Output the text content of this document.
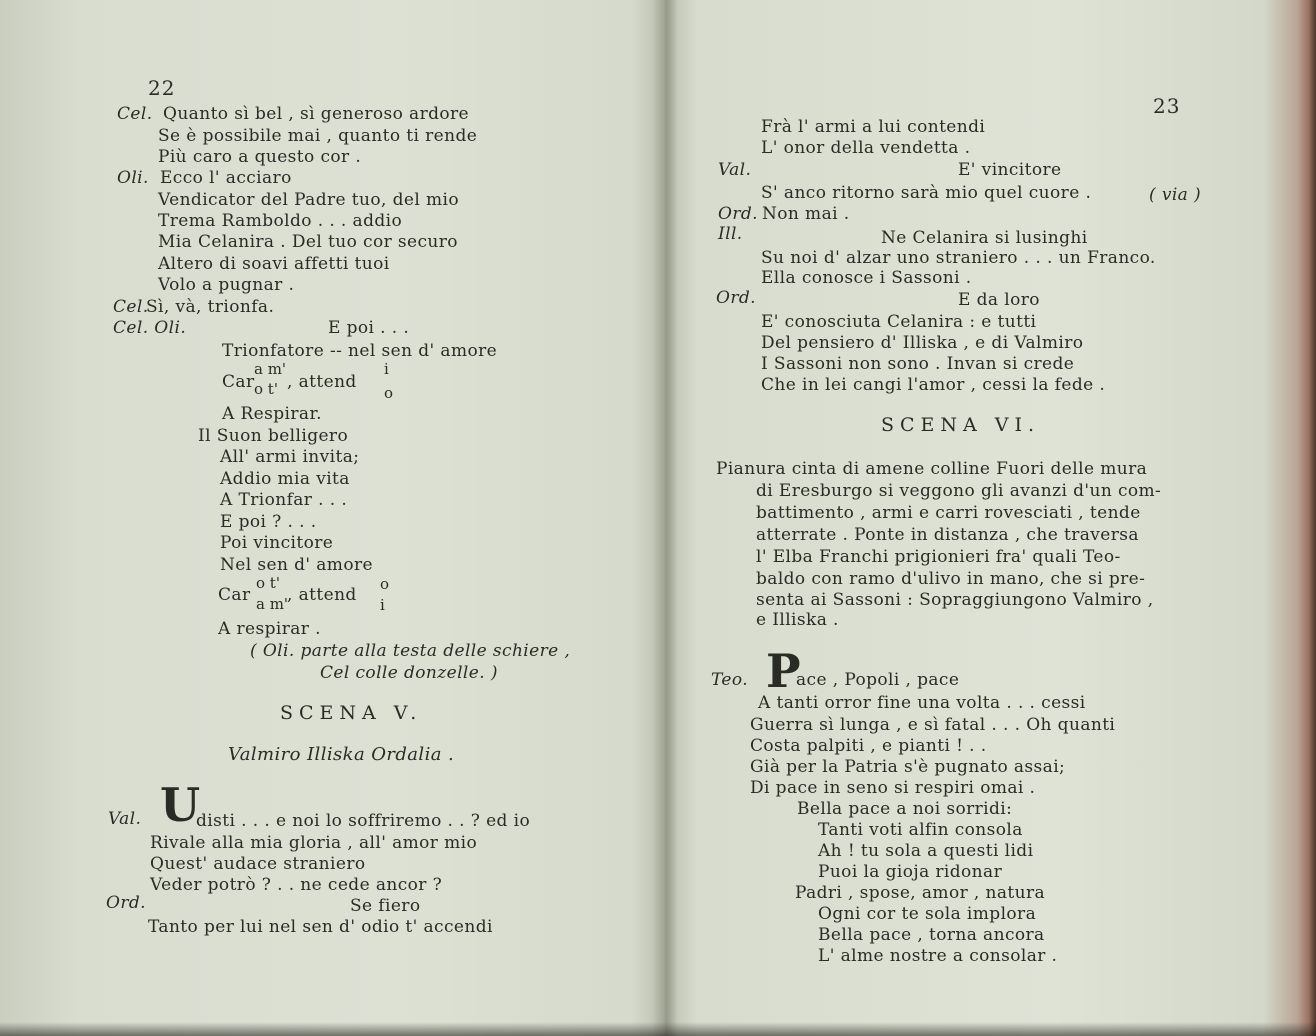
22
Cel. Quanto sì bel , sì generoso ardore
Se è possibile mai , quanto ti rende
Più caro a questo cor .
Oli. Ecco l' acciaro
Vendicator del Padre tuo, del mio
Trema Ramboldo . . . addio
Mia Celanira . Del tuo cor securo
Altero di soavi affetti tuoi
Volo a pugnar .
Cel.
Sì, và, trionfa.
Cel. Oli.	E poi . . .
Trionfatore -- nel sen d' amore
Car
a m'
o t' , attend
i
o
A Respirar.
Il Suon belligero
All' armi invita;
Addio mia vita
A Trionfar . . .
E poi ? . . .
Poi vincitore
Nel sen d' amore
Car
o t'
a m'
, attend
o
i
A respirar .
( Oli. parte alla testa delle schiere ,
Cel colle donzelle. )
SCENA V.
Valmiro Illiska Ordalia .
U
Val.	disti . . . e noi lo soffriremo . . ? ed io
Rivale alla mia gloria , all' amor mio
Quest' audace straniero
Veder potrò ? . . ne cede ancor ?
Ord.	Se fiero
Tanto per lui nel sen d' odio t' accendi
23
Frà l' armi a lui contendi
L' onor della vendetta .
Val.	E' vincitore
S' anco ritorno sarà mio quel cuore .	( via )
Ord. Non mai .
Ill.	Ne Celanira si lusinghi
Su noi d' alzar uno straniero . . . un Franco.
Ella conosce i Sassoni .
Ord.	E da loro
E' conosciuta Celanira : e tutti
Del pensiero d' Illiska , e di Valmiro
I Sassoni non sono . Invan si crede
Che in lei cangi l'amor , cessi la fede .
SCENA VI.
Pianura cinta di amene colline Fuori delle mura
di Eresburgo si veggono gli avanzi d'un com-
battimento , armi e carri rovesciati , tende
atterrate . Ponte in distanza , che traversa
l' Elba Franchi prigionieri fra' quali Teo-
baldo con ramo d'ulivo in mano, che si pre-
senta ai Sassoni : Sopraggiungono Valmiro ,
e Illiska .
P
Teo.	ace , Popoli , pace
A tanti orror fine una volta . . . cessi
Guerra sì lunga , e sì fatal . . . Oh quanti
Costa palpiti , e pianti ! . .
Già per la Patria s'è pugnato assai;
Di pace in seno si respiri omai .
Bella pace a noi sorridi:
Tanti voti alfin consola
Ah ! tu sola a questi lidi
Puoi la gioja ridonar
Padri , spose, amor , natura
Ogni cor te sola implora
Bella pace , torna ancora
L' alme nostre a consolar .
